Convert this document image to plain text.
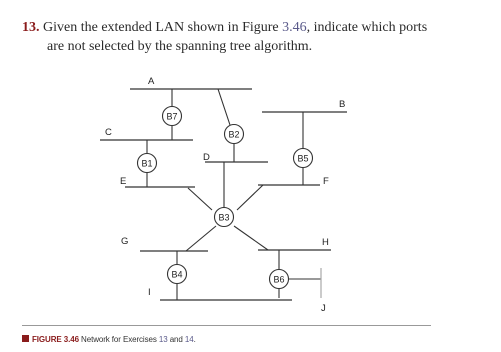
13. Given the extended LAN shown in Figure 3.46, indicate which ports
are not selected by the spanning tree algorithm.
A
B
C
D
E	F
G	H
I
J
B7
B2
B1	B5
B3
B4	B6
FIGURE 3.46 Network for Exercises 13 and 14.
